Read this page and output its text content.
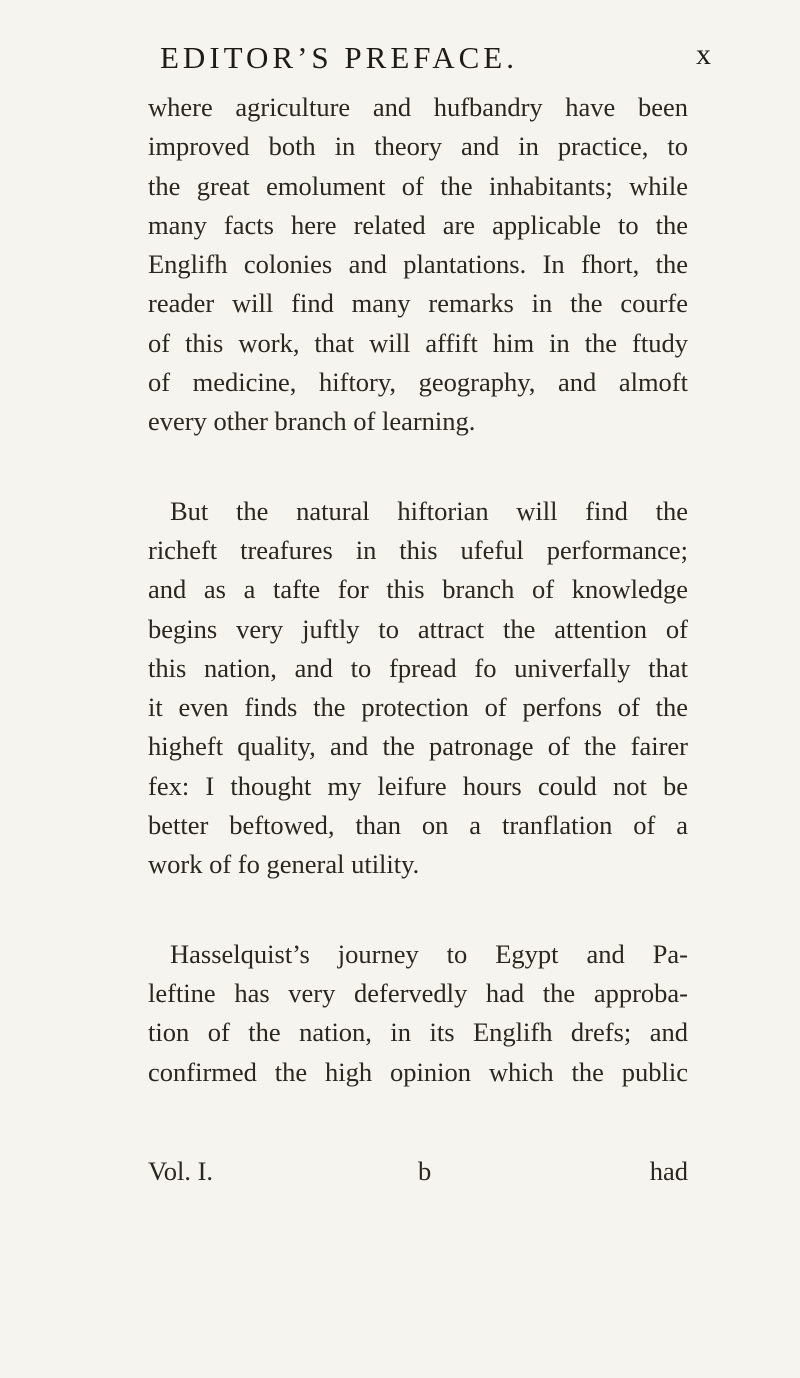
EDITOR’S PREFACE.	x
where agriculture and hufbandry have been
improved both in theory and in practice, to
the great emolument of the inhabitants; while
many facts here related are applicable to the
Englifh colonies and plantations. In fhort, the
reader will find many remarks in the courfe
of this work, that will affift him in the ftudy
of medicine, hiftory, geography, and almoft
every other branch of learning.
But the natural hiftorian will find the
richeft treafures in this ufeful performance;
and as a tafte for this branch of knowledge
begins very juftly to attract the attention of
this nation, and to fpread fo univerfally that
it even finds the protection of perfons of the
higheft quality, and the patronage of the fairer
fex: I thought my leifure hours could not be
better beftowed, than on a tranflation of a
work of fo general utility.
Hasselquist’s journey to Egypt and Pa-
leftine has very defervedly had the approba-
tion of the nation, in its Englifh drefs; and
confirmed the high opinion which the public
Vol. I.	b	had
